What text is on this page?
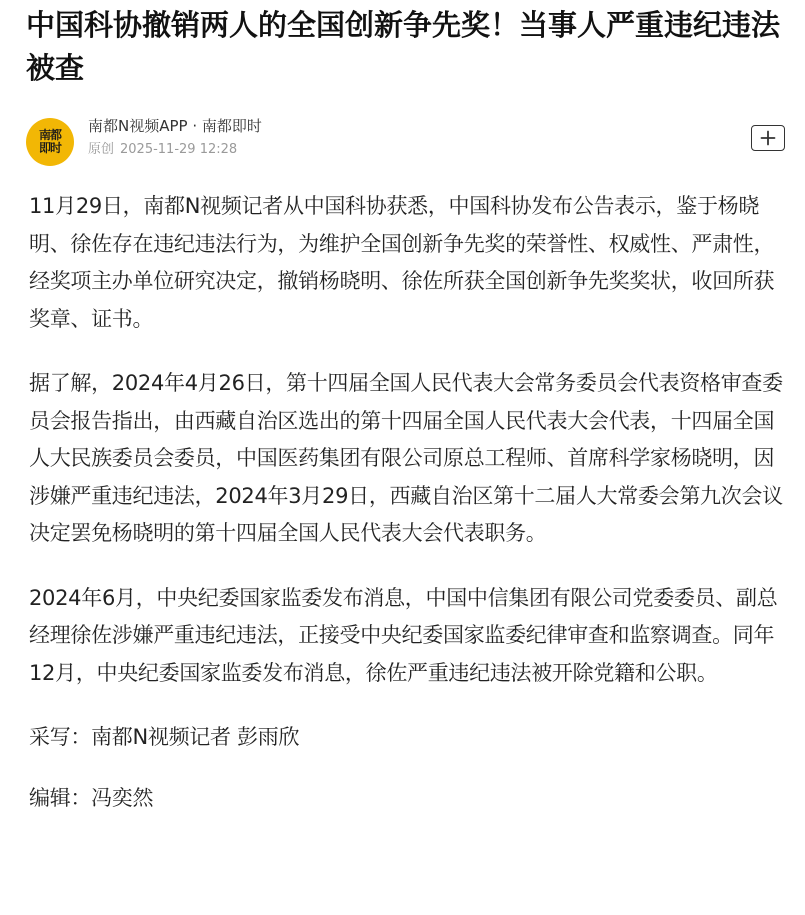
中国科协撤销两人的全国创新争先奖！当事人严重违纪违法被查
南都
即时
南都N视频APP · 南都即时
原创 2025-11-29 12:28

11月29日，南都N视频记者从中国科协获悉，中国科协发布公告表示，鉴于杨晓明、徐佐存在违纪违法行为，为维护全国创新争先奖的荣誉性、权威性、严肃性，经奖项主办单位研究决定，撤销杨晓明、徐佐所获全国创新争先奖奖状，收回所获奖章、证书。

据了解，2024年4月26日，第十四届全国人民代表大会常务委员会代表资格审查委员会报告指出，由西藏自治区选出的第十四届全国人民代表大会代表，十四届全国人大民族委员会委员，中国医药集团有限公司原总工程师、首席科学家杨晓明，因涉嫌严重违纪违法，2024年3月29日，西藏自治区第十二届人大常委会第九次会议决定罢免杨晓明的第十四届全国人民代表大会代表职务。

2024年6月，中央纪委国家监委发布消息，中国中信集团有限公司党委委员、副总经理徐佐涉嫌严重违纪违法，正接受中央纪委国家监委纪律审查和监察调查。同年12月，中央纪委国家监委发布消息，徐佐严重违纪违法被开除党籍和公职。

采写：南都N视频记者 彭雨欣

编辑：冯奕然
